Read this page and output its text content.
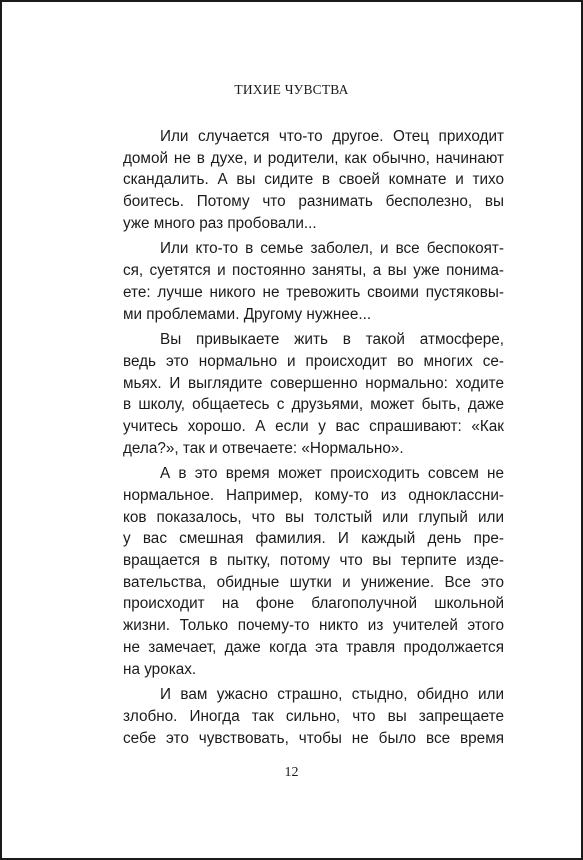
ТИХИЕ ЧУВСТВА

Или случается что-то другое. Отец приходит
домой не в духе, и родители, как обычно, начинают
скандалить. А вы сидите в своей комнате и тихо
боитесь. Потому что разнимать бесполезно, вы
уже много раз пробовали...

Или кто-то в семье заболел, и все беспокоят-
ся, суетятся и постоянно заняты, а вы уже понима-
ете: лучше никого не тревожить своими пустяковы-
ми проблемами. Другому нужнее...

Вы привыкаете жить в такой атмосфере,
ведь это нормально и происходит во многих се-
мьях. И выглядите совершенно нормально: ходите
в школу, общаетесь с друзьями, может быть, даже
учитесь хорошо. А если у вас спрашивают: «Как
дела?», так и отвечаете: «Нормально».

А в это время может происходить совсем не
нормальное. Например, кому-то из одноклассни-
ков показалось, что вы толстый или глупый или
у вас смешная фамилия. И каждый день пре-
вращается в пытку, потому что вы терпите изде-
вательства, обидные шутки и унижение. Все это
происходит на фоне благополучной школьной
жизни. Только почему-то никто из учителей этого
не замечает, даже когда эта травля продолжается
на уроках.

И вам ужасно страшно, стыдно, обидно или
злобно. Иногда так сильно, что вы запрещаете
себе это чувствовать, чтобы не было все время

12
